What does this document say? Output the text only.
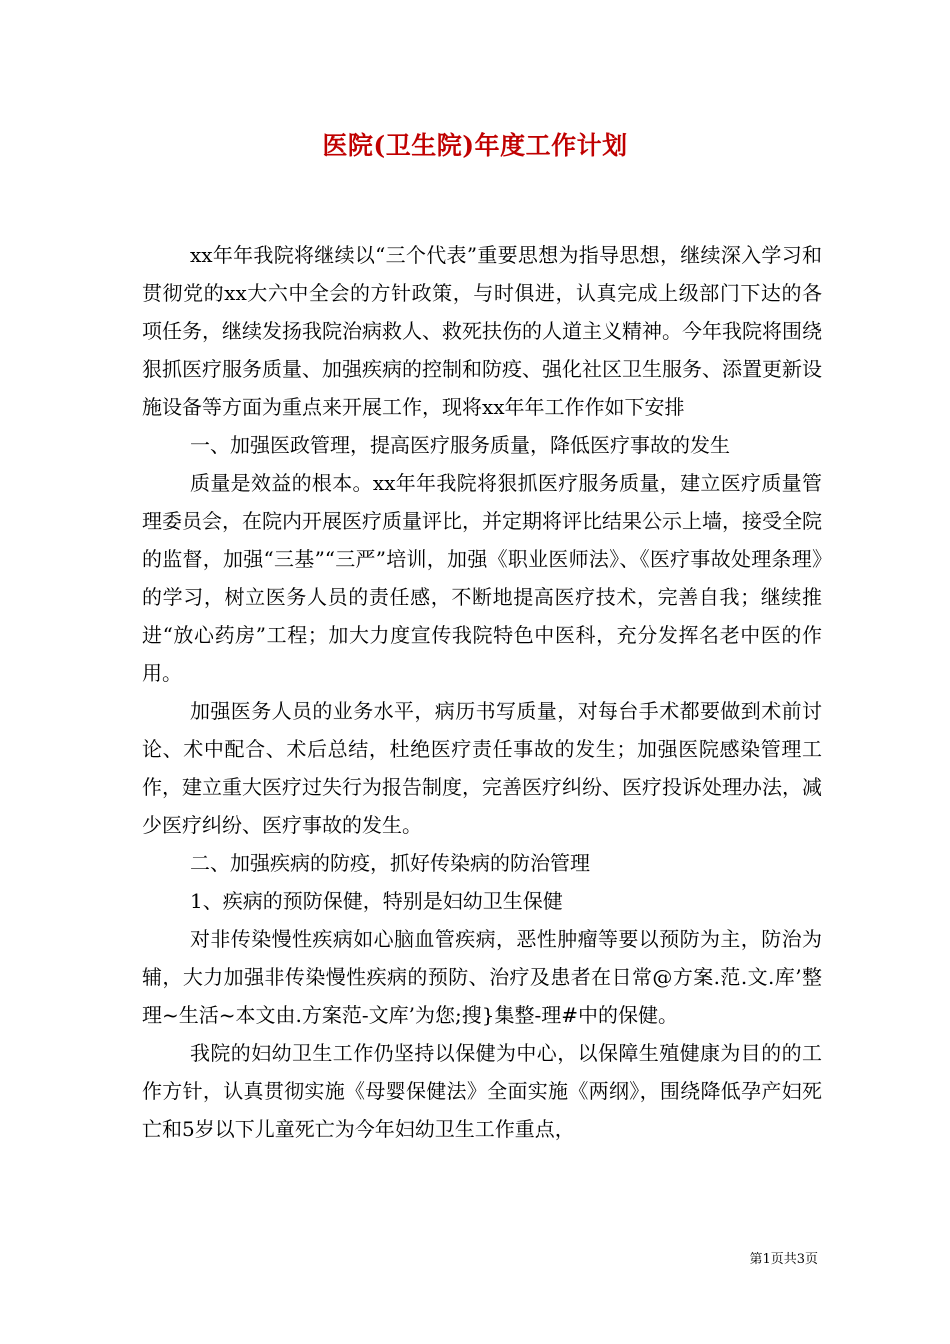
医院(卫生院)年度工作计划

xx年年我院将继续以“三个代表”重要思想为指导思想，继续深入学习和贯彻党的xx大六中全会的方针政策，与时俱进，认真完成上级部门下达的各项任务，继续发扬我院治病救人、救死扶伤的人道主义精神。今年我院将围绕狠抓医疗服务质量、加强疾病的控制和防疫、强化社区卫生服务、添置更新设施设备等方面为重点来开展工作，现将xx年年工作作如下安排

一、加强医政管理，提高医疗服务质量，降低医疗事故的发生

质量是效益的根本。xx年年我院将狠抓医疗服务质量，建立医疗质量管理委员会，在院内开展医疗质量评比，并定期将评比结果公示上墙，接受全院的监督，加强“三基”“三严”培训，加强《职业医师法》、《医疗事故处理条理》的学习，树立医务人员的责任感，不断地提高医疗技术，完善自我；继续推进“放心药房”工程；加大力度宣传我院特色中医科，充分发挥名老中医的作用。

加强医务人员的业务水平，病历书写质量，对每台手术都要做到术前讨论、术中配合、术后总结，杜绝医疗责任事故的发生；加强医院感染管理工作，建立重大医疗过失行为报告制度，完善医疗纠纷、医疗投诉处理办法，减少医疗纠纷、医疗事故的发生。

二、加强疾病的防疫，抓好传染病的防治管理

1、疾病的预防保健，特别是妇幼卫生保健

对非传染慢性疾病如心脑血管疾病，恶性肿瘤等要以预防为主，防治为辅，大力加强非传染慢性疾病的预防、治疗及患者在日常@方案.范.文.库’整理~生活~本文由.方案范-文库’为您;搜}集整-理#中的保健。

我院的妇幼卫生工作仍坚持以保健为中心，以保障生殖健康为目的的工作方针，认真贯彻实施《母婴保健法》全面实施《两纲》，围绕降低孕产妇死亡和5岁以下儿童死亡为今年妇幼卫生工作重点，

第1页共3页
